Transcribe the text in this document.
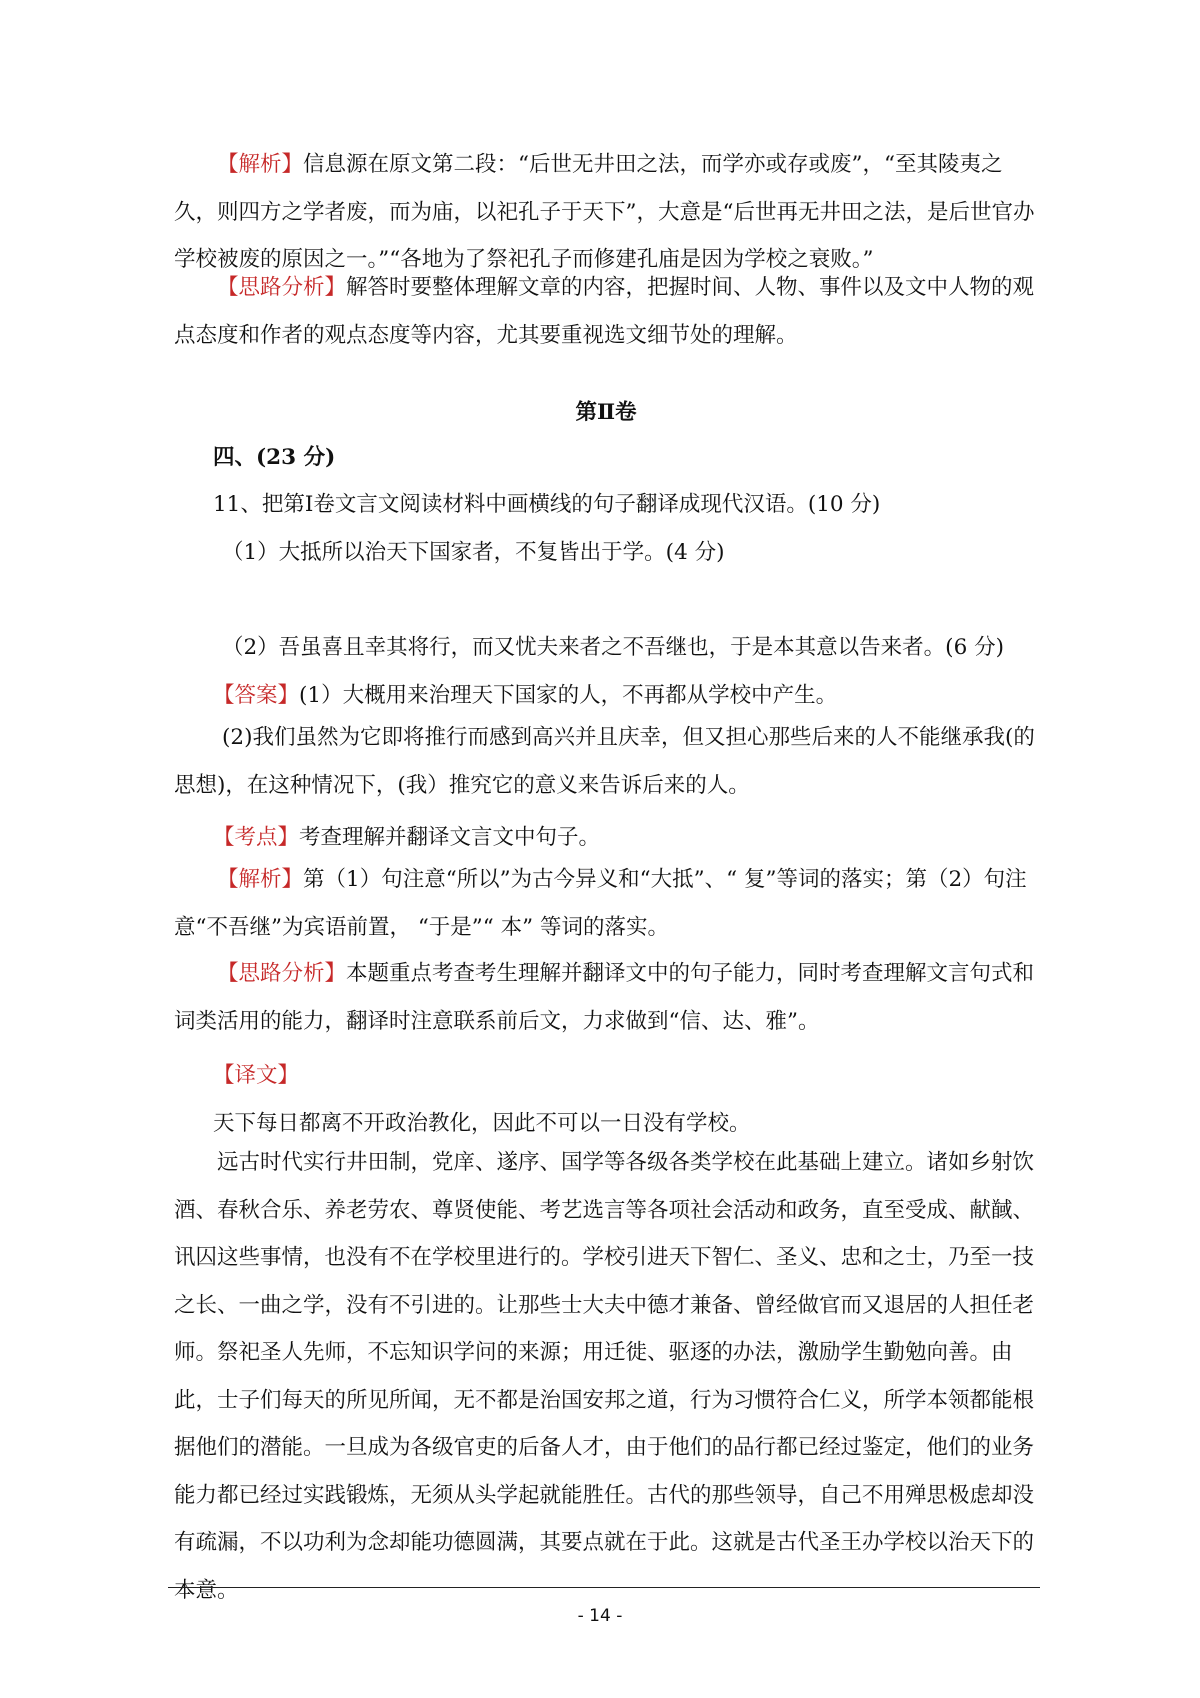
【解析】信息源在原文第二段：“后世无井田之法，而学亦或存或废”，“至其陵夷之久，则四方之学者废，而为庙，以祀孔子于天下”，大意是“后世再无井田之法，是后世官办学校被废的原因之一。”“各地为了祭祀孔子而修建孔庙是因为学校之衰败。”

【思路分析】解答时要整体理解文章的内容，把握时间、人物、事件以及文中人物的观点态度和作者的观点态度等内容，尤其要重视选文细节处的理解。

第Ⅱ卷
四、(23 分)
11、把第Ⅰ卷文言文阅读材料中画横线的句子翻译成现代汉语。(10 分)
（1）大抵所以治天下国家者，不复皆出于学。(4 分)
（2）吾虽喜且幸其将行，而又忧夫来者之不吾继也，于是本其意以告来者。(6 分)
【答案】(1）大概用来治理天下国家的人，不再都从学校中产生。

(2)我们虽然为它即将推行而感到高兴并且庆幸，但又担心那些后来的人不能继承我(的思想)，在这种情况下，(我）推究它的意义来告诉后来的人。

【考点】考查理解并翻译文言文中句子。

【解析】第（1）句注意“所以”为古今异义和“大抵”、“ 复”等词的落实；第（2）句注意“不吾继”为宾语前置， “于是”“ 本” 等词的落实。

【思路分析】本题重点考查考生理解并翻译文中的句子能力，同时考查理解文言句式和词类活用的能力，翻译时注意联系前后文，力求做到“信、达、雅”。

【译文】
天下每日都离不开政治教化，因此不可以一日没有学校。

远古时代实行井田制，党庠、遂序、国学等各级各类学校在此基础上建立。诸如乡射饮酒、春秋合乐、养老劳农、尊贤使能、考艺选言等各项社会活动和政务，直至受成、献馘、讯囚这些事情，也没有不在学校里进行的。学校引进天下智仁、圣义、忠和之士，乃至一技之长、一曲之学，没有不引进的。让那些士大夫中德才兼备、曾经做官而又退居的人担任老师。祭祀圣人先师，不忘知识学问的来源；用迁徙、驱逐的办法，激励学生勤勉向善。由此，士子们每天的所见所闻，无不都是治国安邦之道，行为习惯符合仁义，所学本领都能根据他们的潜能。一旦成为各级官吏的后备人才，由于他们的品行都已经过鉴定，他们的业务能力都已经过实践锻炼，无须从头学起就能胜任。古代的那些领导，自己不用殚思极虑却没有疏漏，不以功利为念却能功德圆满，其要点就在于此。这就是古代圣王办学校以治天下的本意。

- 14 -
